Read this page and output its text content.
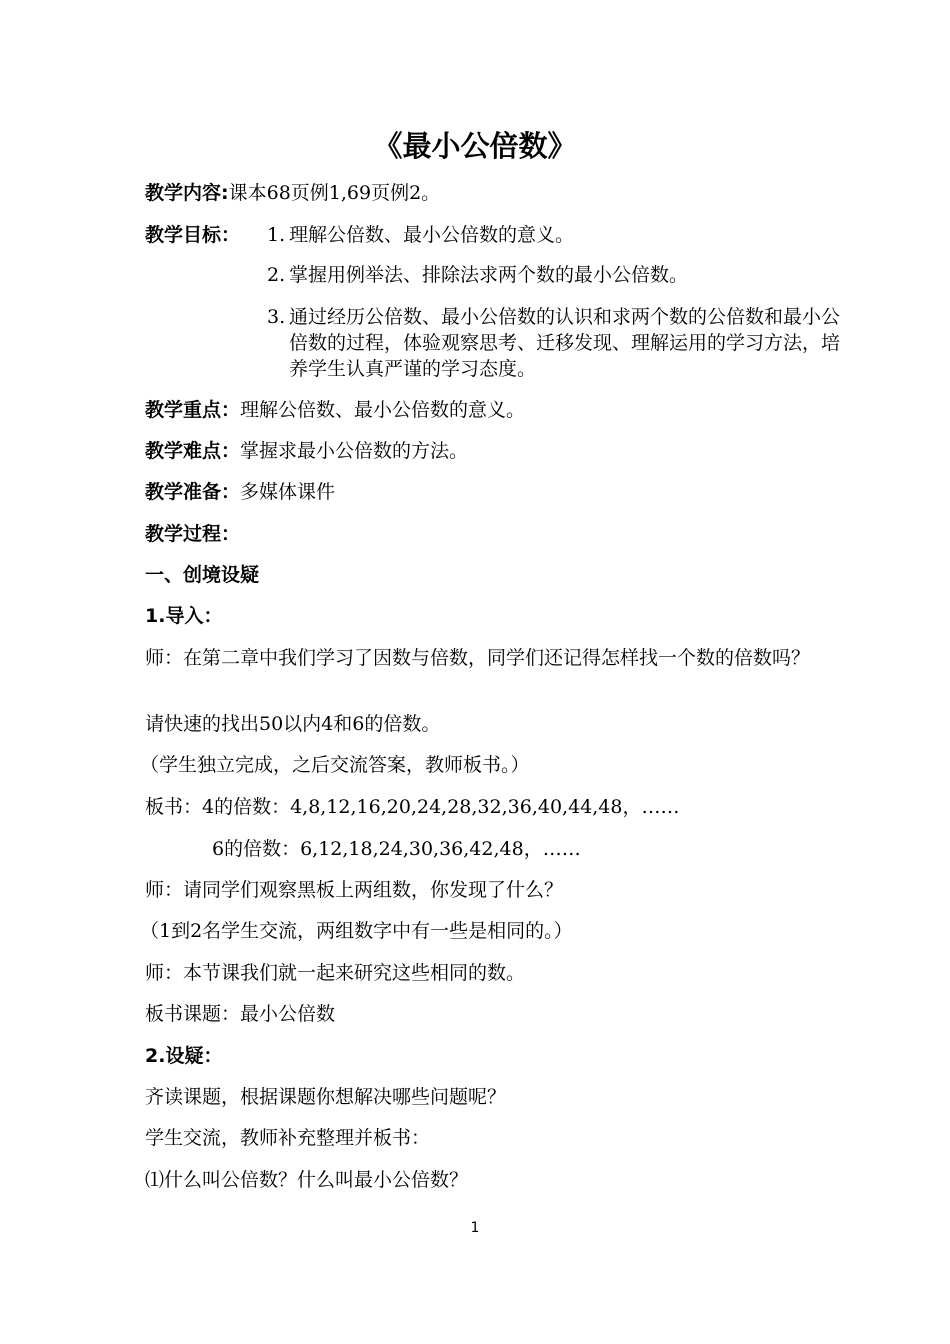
《最小公倍数》
教学内容:课本68页例1,69页例2。
教学目标： 1. 理解公倍数、最小公倍数的意义。
2. 掌握用例举法、排除法求两个数的最小公倍数。
3. 通过经历公倍数、最小公倍数的认识和求两个数的公倍数和最小公倍数的过程，体验观察思考、迁移发现、理解运用的学习方法，培养学生认真严谨的学习态度。
教学重点：理解公倍数、最小公倍数的意义。
教学难点：掌握求最小公倍数的方法。
教学准备：多媒体课件
教学过程：
一、创境设疑
1.导入：
师：在第二章中我们学习了因数与倍数，同学们还记得怎样找一个数的倍数吗？
请快速的找出50以内4和6的倍数。
（学生独立完成，之后交流答案，教师板书。）
板书：4的倍数：4,8,12,16,20,24,28,32,36,40,44,48，……
6的倍数：6,12,18,24,30,36,42,48，……
师：请同学们观察黑板上两组数，你发现了什么？
（1到2名学生交流，两组数字中有一些是相同的。）
师：本节课我们就一起来研究这些相同的数。
板书课题：最小公倍数
2.设疑：
齐读课题，根据课题你想解决哪些问题呢？
学生交流，教师补充整理并板书：
⑴什么叫公倍数？什么叫最小公倍数？
1
